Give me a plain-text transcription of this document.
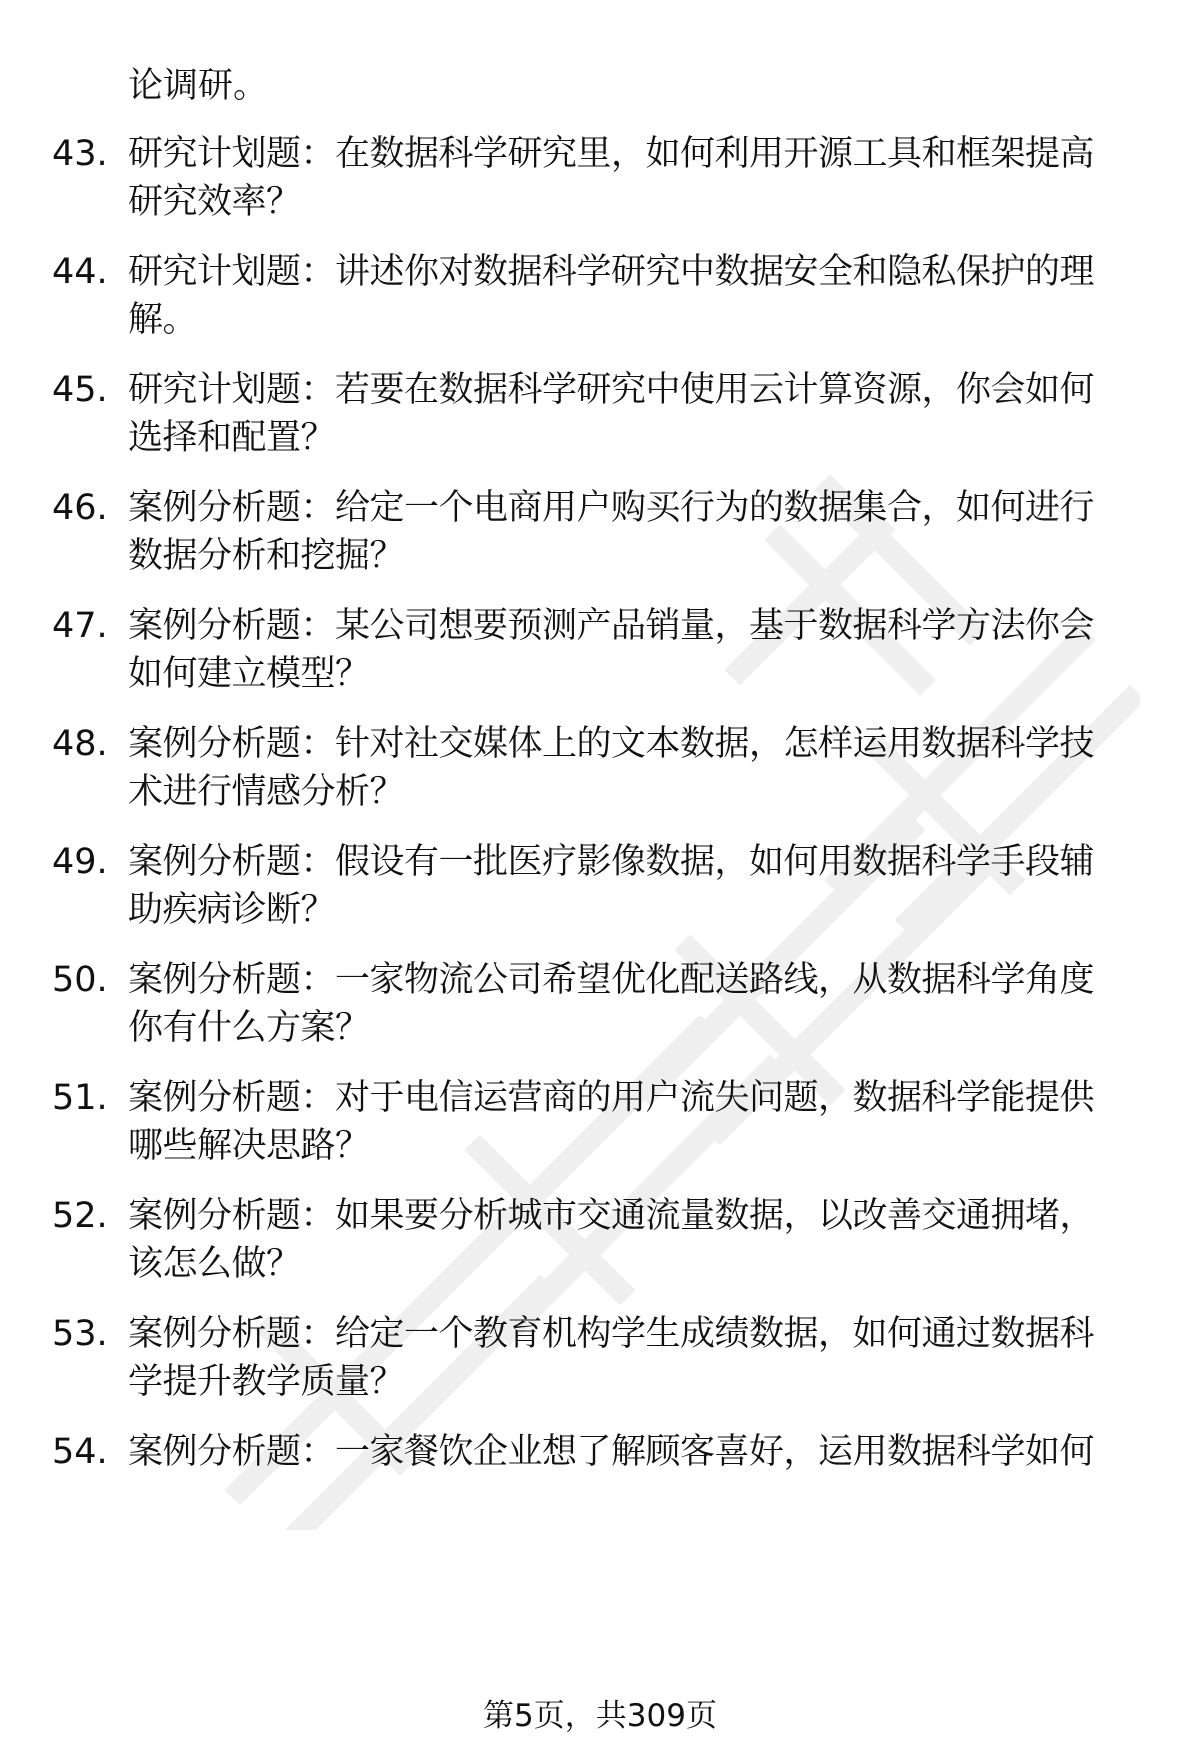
论调研。
43. 研究计划题：在数据科学研究里，如何利用开源工具和框架提高
研究效率？
44. 研究计划题：讲述你对数据科学研究中数据安全和隐私保护的理
解。
45. 研究计划题：若要在数据科学研究中使用云计算资源，你会如何
选择和配置？
46. 案例分析题：给定一个电商用户购买行为的数据集合，如何进行
数据分析和挖掘？
47. 案例分析题：某公司想要预测产品销量，基于数据科学方法你会
如何建立模型？
48. 案例分析题：针对社交媒体上的文本数据，怎样运用数据科学技
术进行情感分析？
49. 案例分析题：假设有一批医疗影像数据，如何用数据科学手段辅
助疾病诊断？
50. 案例分析题：一家物流公司希望优化配送路线，从数据科学角度
你有什么方案？
51. 案例分析题：对于电信运营商的用户流失问题，数据科学能提供
哪些解决思路？
52. 案例分析题：如果要分析城市交通流量数据，以改善交通拥堵，
该怎么做？
53. 案例分析题：给定一个教育机构学生成绩数据，如何通过数据科
学提升教学质量？
54. 案例分析题：一家餐饮企业想了解顾客喜好，运用数据科学如何
第5页，共309页
